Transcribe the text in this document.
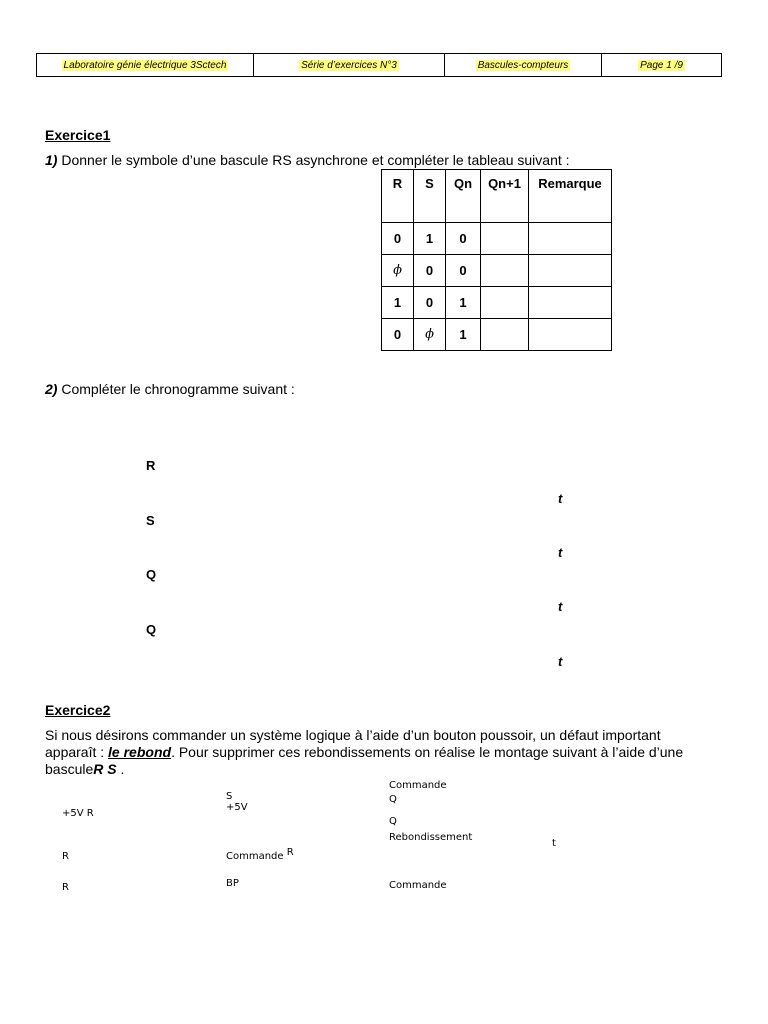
Laboratoire génie électrique 3Sctech	Série d’exercices N°3	Bascules-compteurs	Page 1 /9
Exercice1
1) Donner le symbole d’une bascule RS asynchrone et compléter le tableau suivant :
R	S	Qn	Qn+1	Remarque
0	1	0		
ϕ	0	0		
1	0	1		
0	ϕ	1		
2) Compléter le chronogramme suivant :
R
t
S
t
Q
t
Q
t
Exercice2
Si nous désirons commander un système logique à l’aide d’un bouton poussoir, un défaut important
apparaît : le rebond. Pour supprimer ces rebondissements on réalise le montage suivant à l’aide d’une
basculeR S .
+5V R
R
R
S
+5V
Commande R
BP
Commande
Q
Q
Rebondissement
t
Commande
